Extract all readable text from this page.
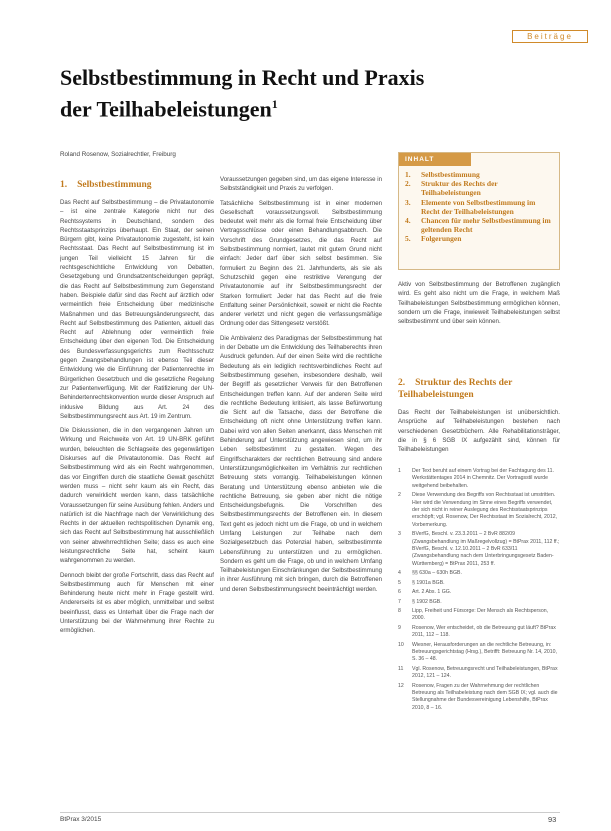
Beiträge
Selbstbestimmung in Recht und Praxis
der Teilhabeleistungen$^1$
Roland Rosenow, Sozialrechtler, Freiburg
1. Selbstbestimmung

Das Recht auf Selbstbestimmung – die Privatautonomie – ist eine zentrale Kategorie nicht nur des Rechtssystems in Deutschland, sondern des Rechtsstaatsprinzips überhaupt. Ein Staat, der seinen Bürgern gibt, keine Privatautonomie zugesteht, ist kein Rechtsstaat. Das Recht auf Selbstbestimmung ist im jungen Teil vielleicht 15 Jahren für die rechtsgeschichtliche Entwicklung von Debatten, Gesetzgebung und Grundsatzentscheidungen geprägt, die das Recht auf Selbstbestimmung zum Gegenstand haben. Beispiele dafür sind das Recht auf ärztlich oder vermeintlich freie Entscheidung über medizinische Maßnahmen und das Betreuungsänderungsrecht, das Recht auf Selbstbestimmung des Patienten, aktuell das Recht auf Ablehnung oder vermeintlich freie Entscheidung über den eigenen Tod. Die Entscheidung des Bundesverfassungsgerichts zum Rechtsschutz gegen Zwangsbehandlungen ist ebenso Teil dieser Entwicklung wie die Einführung der Patientenrechte im Bürgerlichen Gesetzbuch und die gesetzliche Regelung zur Patientenverfügung. Mit der Ratifizierung der UN-Behindertenrechtskonvention wurde dieser Anspruch auf inklusive Bildung aus Art. 24 des Selbstbestimmungsrecht aus Art. 19 im Zentrum.

Die Diskussionen, die in den vergangenen Jahren um Wirkung und Reichweite von Art. 19 UN-BRK geführt wurden, beleuchten die Schlagseite des gegenwärtigen Diskurses auf die Privatautonomie. Das Recht auf Selbstbestimmung wird als ein Recht wahrgenommen, das vor Eingriffen durch die staatliche Gewalt geschützt werden muss – nicht sehr kaum als ein Recht, das dadurch verwirklicht werden kann, dass tatsächliche Voraussetzungen für seine Ausübung fehlen. Anders und natürlich ist die Nachfrage nach der Verwirklichung des Rechts in der aktuellen rechtspolitischen Dynamik eng, sich das Recht auf Selbstbestimmung hat ausschließlich von seiner abwehrrechtlichen Seite; dass es auch eine leistungsrechtliche Seite hat, scheint kaum wahrgenommen zu werden.

Dennoch bleibt der große Fortschritt, dass das Recht auf Selbstbestimmung auch für Menschen mit einer Behinderung heute nicht mehr in Frage gestellt wird. Andererseits ist es aber möglich, unmittelbar und selbst beeinflusst, dass es Unterhalt über die Frage nach der Unterstützung bei der Wahrnehmung ihrer Rechte zu ermöglichen.

Voraussetzungen gegeben sind, um das eigene Interesse in Selbstständigkeit und Praxis zu verfolgen.

Tatsächliche Selbstbestimmung ist in einer modernen Gesellschaft voraussetzungsvoll. Selbstbestimmung bedeutet weit mehr als die formal freie Entscheidung über Vertragsschlüsse oder einen Behandlungsabbruch. Die Vorschrift des Grundgesetzes, die das Recht auf Selbstbestimmung normiert, lautet mit gutem Grund nicht einfach: Jeder darf über sich selbst bestimmen. Sie formuliert zu Beginn des 21. Jahrhunderts, als sie als Schutzschild gegen eine restriktive Verengung der Privatautonomie auf ihr Selbstbestimmungsrecht der Starken formuliert: Jeder hat das Recht auf die freie Entfaltung seiner Persönlichkeit, soweit er nicht die Rechte anderer verletzt und nicht gegen die verfassungsmäßige Ordnung oder das Sittengesetz verstößt.

Die Ambivalenz des Paradigmas der Selbstbestimmung hat in der Debatte um die Entwicklung des Teilhaberechts ihren Ausdruck gefunden. Auf der einen Seite wird die rechtliche Bedeutung als ein lediglich rechtsverbindliches Recht auf Selbstbestimmung gesehen, insbesondere deshalb, weil der Begriff als gesetzlicher Verweis für den Betroffenen Entscheidungen treffen kann. Auf der anderen Seite wird die rechtliche Bedeutung kritisiert, als lasse Befürwortung die Sicht auf die Tatsache, dass der Betroffene die Entscheidung oft nicht ohne Unterstützung treffen kann. Dabei wird von allen Seiten anerkannt, dass Menschen mit Behinderung auf Unterstützung angewiesen sind, um ihr Leben selbstbestimmt zu gestalten. Wegen des Eingriffscharakters der rechtlichen Betreuung sind andere Unterstützungsmöglichkeiten im Verhältnis zur rechtlichen Betreuung stets vorrangig. Teilhabeleistungen können Beratung und Unterstützung ebenso anbieten wie die rechtliche Betreuung, sie geben aber nicht die nötige Entscheidungsbefugnis. Die Vorschriften des Selbstbestimmungsrechts der Betroffenen ein. In diesem Text geht es jedoch nicht um die Frage, ob und in welchem Umfang Leistungen zur Teilhabe nach dem Sozialgesetzbuch das Potenzial haben, selbstbestimmte Lebensführung zu unterstützen und zu ermöglichen. Sondern es geht um die Frage, ob und in welchem Umfang Teilhabeleistungen Einschränkungen der Selbstbestimmung in ihrer Ausführung mit sich bringen, durch die Betroffenen und deren Selbstbestimmungsrecht beeinträchtigt werden.

INHALT
1.	Selbstbestimmung
2.	Struktur des Rechts der Teilhabeleistungen
3.	Elemente von Selbstbestimmung im Recht der Teilhabeleistungen
4.	Chancen für mehr Selbstbestimmung im geltenden Recht
5.	Folgerungen

Aktiv von Selbstbestimmung der Betroffenen zugänglich wird. Es geht also nicht um die Frage, in welchem Maß Teilhabeleistungen Selbstbestimmung ermöglichen können, sondern um die Frage, inwieweit Teilhabeleistungen selbst selbstbestimmt und über sein können.

2. Struktur des Rechts der Teilhabeleistungen

Das Recht der Teilhabeleistungen ist unübersichtlich. Ansprüche auf Teilhabeleistungen bestehen nach verschiedenen Gesetzbüchern. Alle Rehabilitationsträger, die in § 6 SGB IX aufgezählt sind, können für Teilhabeleistungen

1	Der Text beruht auf einem Vortrag bei der Fachtagung des 11. Werkstättentages 2014 in Chemnitz. Der Vortragsstil wurde weitgehend beibehalten.
2	Diese Verwendung des Begriffs von Rechtsstaat ist umstritten. Hier wird die Verwendung im Sinne eines Begriffs verwendet, der sich nicht in reiner Auslegung des Rechtsstaatsprinzips erschöpft; vgl. Rosenow, Der Rechtsstaat im Sozialrecht, 2012, Vorbemerkung.
3	BVerfG, Beschl. v. 23.3.2011 – 2 BvR 882/09 (Zwangsbehandlung im Maßregelvollzug) = BtPrax 2011, 112 ff.; BVerfG, Beschl. v. 12.10.2011 – 2 BvR 633/11 (Zwangsbehandlung nach dem Unterbringungsgesetz Baden-Württemberg) = BtPrax 2011, 253 ff.
4	§§ 630a – 630h BGB.
5	§ 1901a BGB.
6	Art. 2 Abs. 1 GG.
7	§ 1902 BGB.
8	Lipp, Freiheit und Fürsorge: Der Mensch als Rechtsperson, 2000.
9	Rosenow, Wer entscheidet, ob die Betreuung gut läuft? BtPrax 2011, 112 – 118.
10	Wiesner, Herausforderungen an die rechtliche Betreuung, in: Betreuungsgerichtstag (Hrsg.), Betrifft: Betreuung Nr. 14, 2010, S. 36 – 48.
11	Vgl. Rosenow, Betreuungsrecht und Teilhabeleistungen, BtPrax 2012, 121 – 124.
12	Rosenow, Fragen zu der Wahrnehmung der rechtlichen Betreuung als Teilhabeleistung nach dem SGB IX; vgl. auch die Stellungnahme der Bundesvereinigung Lebenshilfe, BtPrax 2010, 8 – 16.
BtPrax 3/2015	93
